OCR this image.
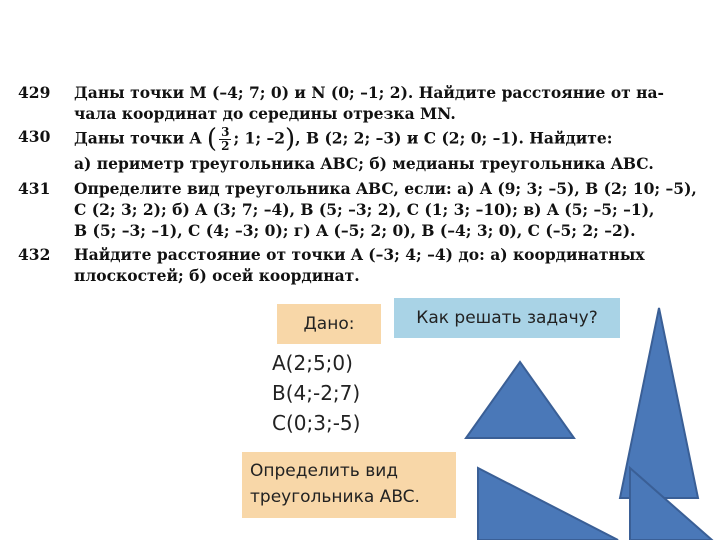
429 Даны точки M (–4; 7; 0) и N (0; –1; 2). Найдите расстояние от на-
чала координат до середины отрезка MN.
430 Даны точки A ( $\frac{3}{2}$ ; 1; –2), B (2; 2; –3) и C (2; 0; –1). Найдите:
а) периметр треугольника ABC; б) медианы треугольника ABC.
431 Определите вид треугольника ABC, если: а) A (9; 3; –5), B (2; 10; –5),
C (2; 3; 2); б) A (3; 7; –4), B (5; –3; 2), C (1; 3; –10); в) A (5; –5; –1),
B (5; –3; –1), C (4; –3; 0); г) A (–5; 2; 0), B (–4; 3; 0), C (–5; 2; –2).
432 Найдите расстояние от точки A (–3; 4; –4) до: а) координатных
плоскостей; б) осей координат.
Дано:	Как решать задачу?
A(2;5;0)
B(4;-2;7)
C(0;3;-5)
Определить вид
треугольника ABC.
